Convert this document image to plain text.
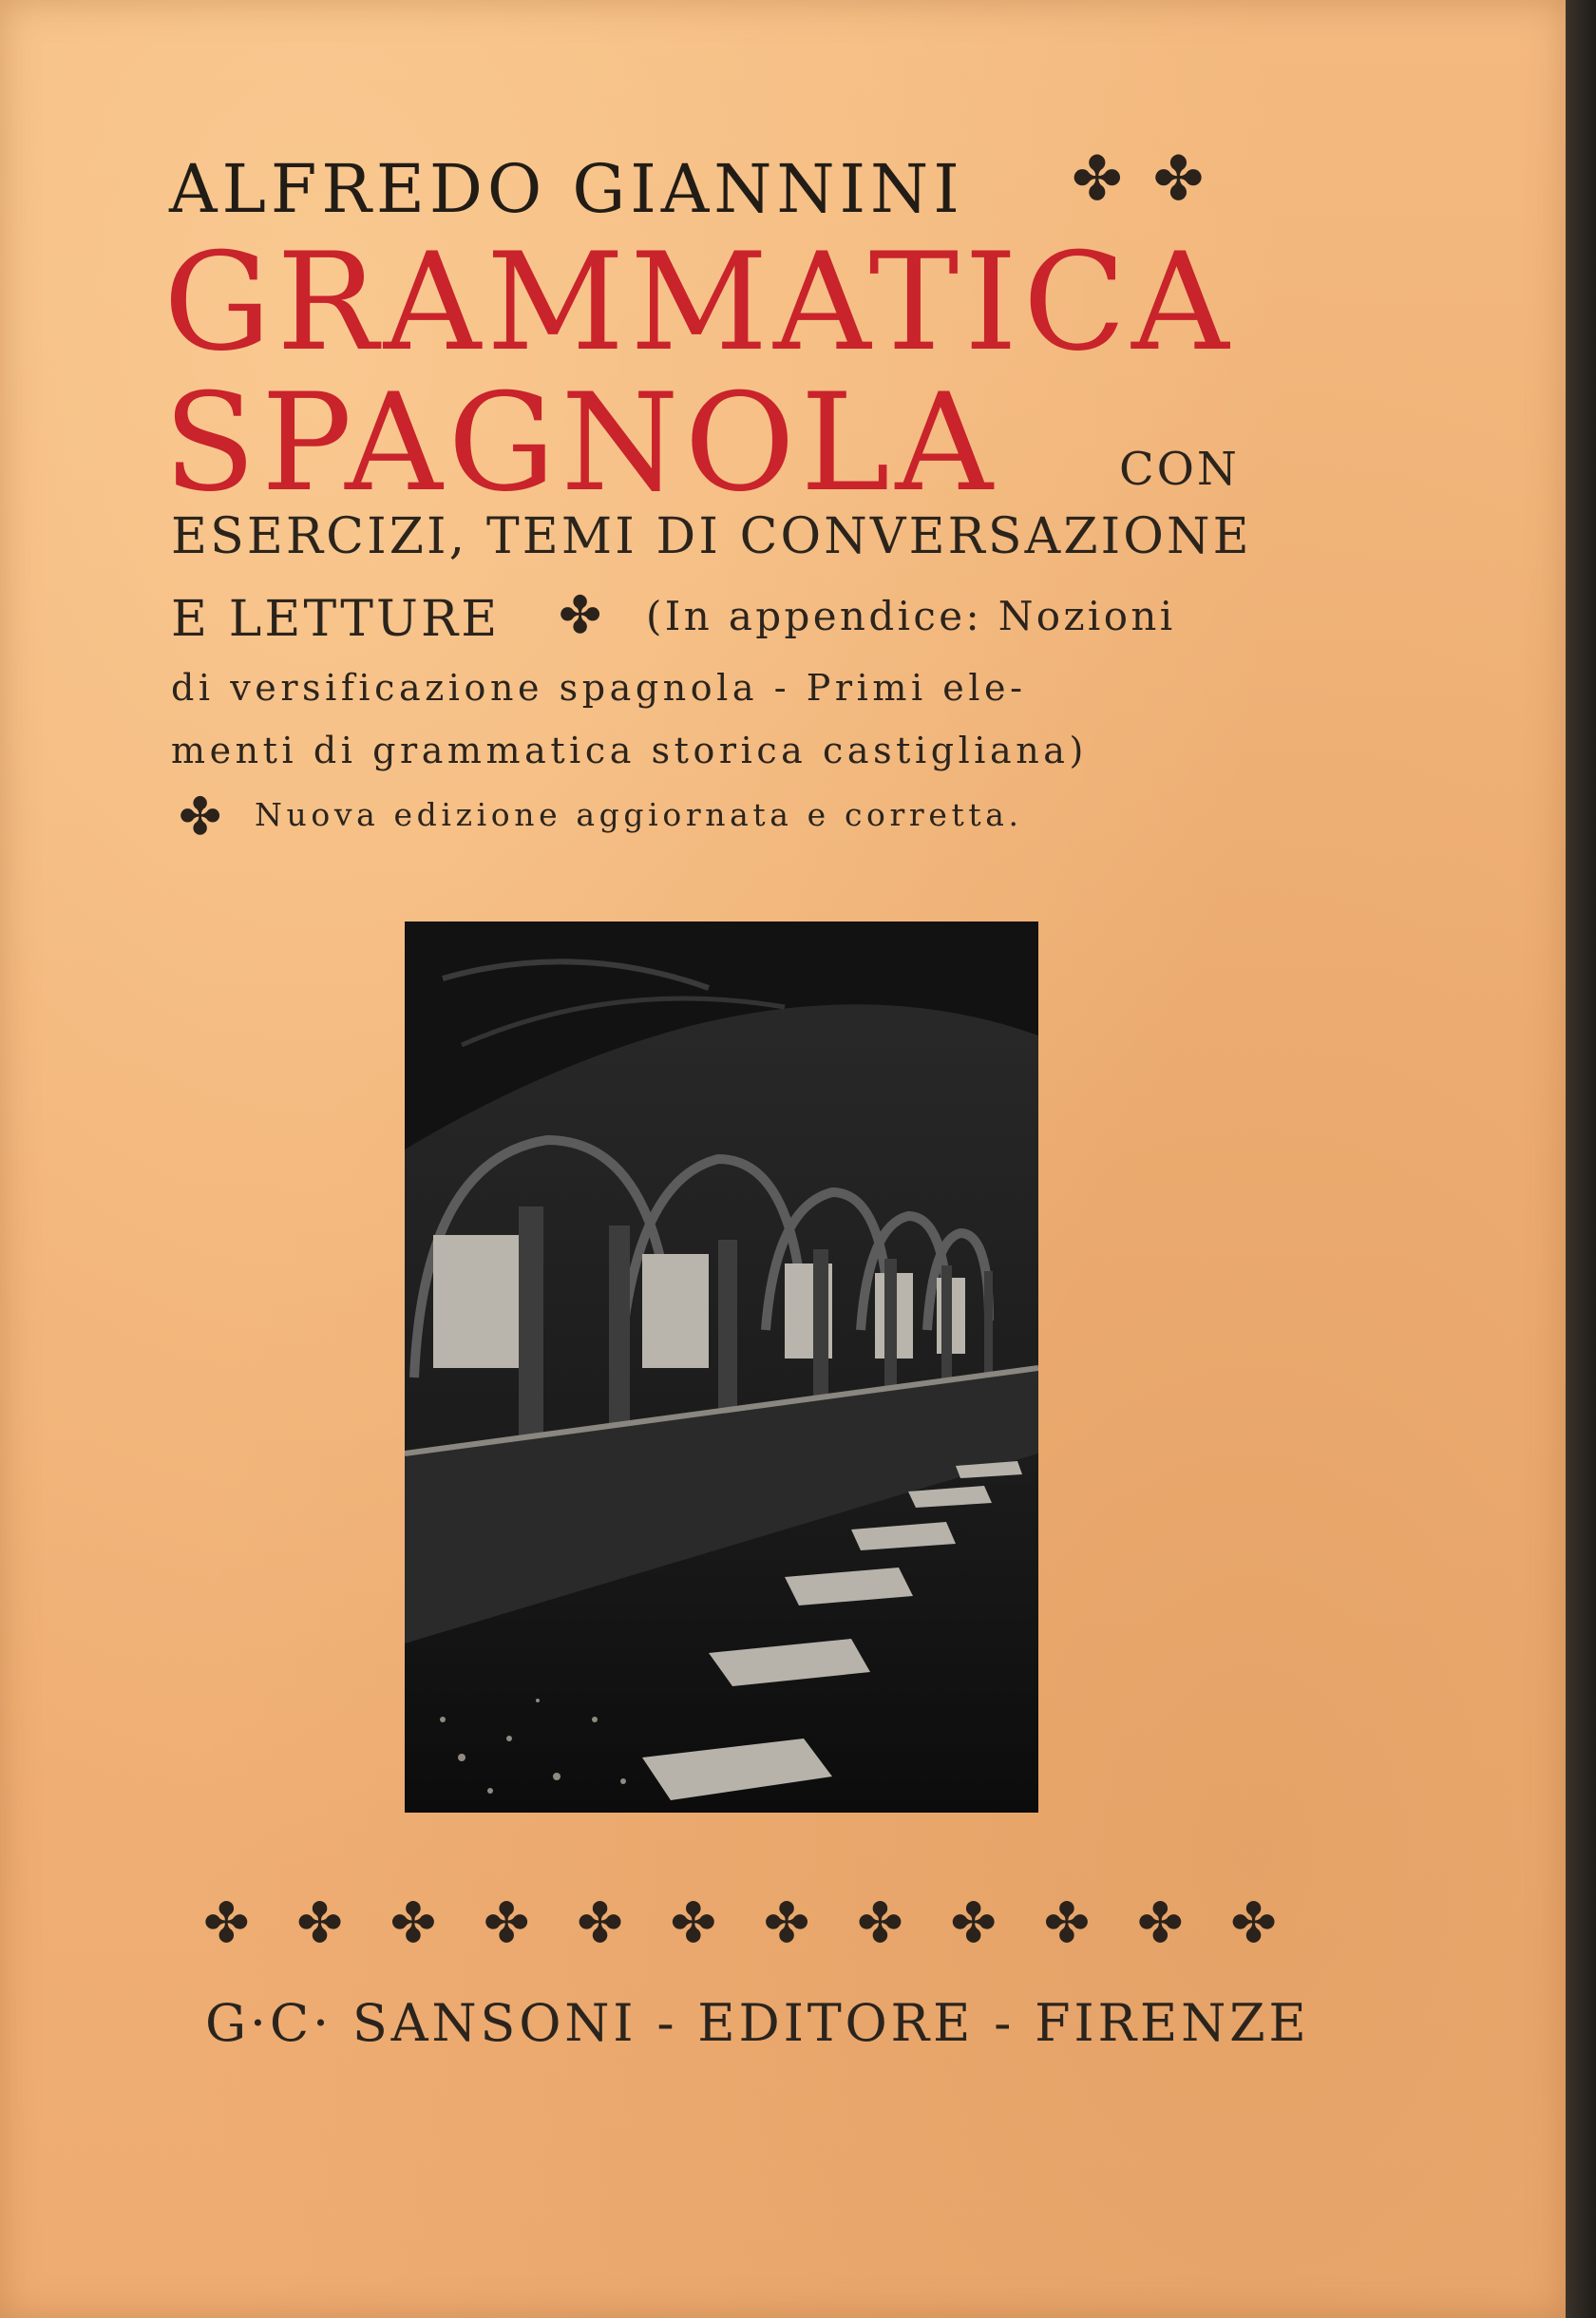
ALFREDO GIANNINI ✤✤
GRAMMATICA
SPAGNOLA	CON
ESERCIZI, TEMI DI CONVERSAZIONE
E LETTURE ✤ (In appendice: Nozioni
di versificazione spagnola - Primi ele-
menti di grammatica storica castigliana)
✤ Nuova edizione aggiornata e corretta.
✤ ✤ ✤ ✤ ✤ ✤ ✤ ✤ ✤ ✤ ✤ ✤
G·C· SANSONI - EDITORE - FIRENZE
